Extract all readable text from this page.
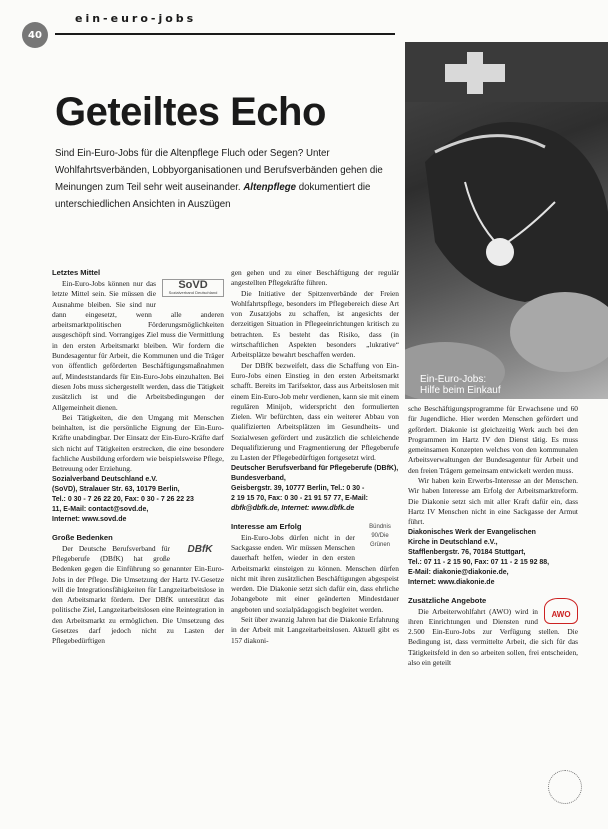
40
ein-euro-jobs
Ein-Euro-Jobs:
Hilfe beim Einkauf
Geteiltes Echo
Sind Ein-Euro-Jobs für die Altenpflege Fluch oder Segen? Unter Wohlfahrtsverbänden, Lobbyorganisationen und Berufsverbänden gehen die Meinungen zum Teil sehr weit auseinander. Altenpflege dokumentiert die unterschiedlichen Ansichten in Auszügen
Letztes Mittel
SoVD
Sozialverband Deutschland

Ein-Euro-Jobs können nur das letzte Mittel sein. Sie müssen die Ausnahme bleiben. Sie sind nur dann eingesetzt, wenn alle anderen arbeitsmarktpolitischen Förderungsmöglichkeiten ausgeschöpft sind. Vorrangiges Ziel muss die Vermittlung in den ersten Arbeitsmarkt bleiben. Wir fordern die Bundesagentur für Arbeit, die Kommunen und die Träger von öffentlich geförderten Beschäftigungsmaßnahmen auf, Mindeststandards für Ein-Euro-Jobs einzuhalten. Bei diesen Jobs muss sichergestellt werden, dass die Tätigkeit zusätzlich ist und die Arbeitsbedingungen der Allgemeinheit dienen.

Bei Tätigkeiten, die den Umgang mit Menschen beinhalten, ist die persönliche Eignung der Ein-Euro-Kräfte unabdingbar. Der Einsatz der Ein-Euro-Kräfte darf sich nicht auf Tätigkeiten erstrecken, die eine besondere fachliche Ausbildung erfordern wie beispielsweise Pflege, Betreuung oder Erziehung.

Sozialverband Deutschland e.V.
(SoVD), Stralauer Str. 63, 10179 Berlin,
Tel.: 0 30 - 7 26 22 20, Fax: 0 30 - 7 26 22 23
11, E-Mail: contact@sovd.de,
Internet: www.sovd.de
Große Bedenken
DBfK

Der Deutsche Berufsverband für Pflegeberufe (DBfK) hat große Bedenken gegen die Einführung so genannter Ein-Euro-Jobs in der Pflege. Die Umsetzung der Hartz IV-Gesetze will die Integrationsfähigkeiten für Langzeitarbeitslose in den Arbeitsmarkt fördern. Der DBfK unterstützt das politische Ziel, Langzeitarbeitslosen eine Reintegration in den Arbeitsmarkt zu ermöglichen. Die Umsetzung des Gesetzes darf jedoch nicht zu Lasten der Pflegebedürftigen

gen gehen und zu einer Beschäftigung der regulär angestellten Pflegekräfte führen.

Die Initiative der Spitzenverbände der Freien Wohlfahrtspflege, besonders im Pflegebereich diese Art von Zusatzjobs zu schaffen, ist angesichts der derzeitigen Situation in Pflegeeinrichtungen kritisch zu betrachten. Es besteht das Risiko, dass (in wirtschaftlichen Aspekten besonders „lukrative“ Arbeitsplätze bewahrt beschaffen werden.

Der DBfK bezweifelt, dass die Schaffung von Ein-Euro-Jobs einen Einstieg in den ersten Arbeitsmarkt schafft. Bereits im Tarifsektor, dass aus Arbeitslosen mit einem Ein-Euro-Job mehr verdienen, kann sie mit einem regulären Minijob, widerspricht den formulierten Zielen. Wir befürchten, dass ein weiterer Abbau von qualifizierten Arbeitsplätzen im Gesundheits- und Sozialwesen gefördert und zusätzlich die schleichende Dequalifizierung und Fragmentierung der Pflegeberufe zu Lasten der Pflegebedürftigen fortgesetzt wird.

Deutscher Berufsverband für Pflegeberufe (DBfK), Bundesverband,
Geisbergstr. 39, 10777 Berlin, Tel.: 0 30 -
2 19 15 70, Fax: 0 30 - 21 91 57 77, E-Mail:
dbfk@dbfk.de, Internet: www.dbfk.de
Bündnis 90/Die Grünen
Interesse am Erfolg

Ein-Euro-Jobs dürfen nicht in der Sackgasse enden. Wir müssen Menschen dauerhaft helfen, wieder in den ersten Arbeitsmarkt einsteigen zu können. Menschen dürfen nicht mit ihren zusätzlichen Beschäftigungen abgespeist werden. Die Diakonie setzt sich dafür ein, dass ehrliche Jobangebote mit einer geänderten Mindestdauer angeboten und sozialpädagogisch begleitet werden.

Seit über zwanzig Jahren hat die Diakonie Erfahrung in der Arbeit mit Langzeitarbeitslosen. Aktuell gibt es 157 diakoni-

sche Beschäftigungsprogramme für Erwachsene und 60 für Jugendliche. Hier werden Menschen gefördert und gefördert. Diakonie ist gleichzeitig Werk auch bei den Programmen im Hartz IV den Dienst tätig. Es muss gemeinsamen Konzepten welches von den kommunalen Arbeitsverwaltungen der Bundesagentur für Arbeit und den freien Trägern gemeinsam entwickelt werden muss.

Wir haben kein Erwerbs-Interesse an der Menschen. Wir haben Interesse am Erfolg der Arbeitsmarktreform. Die Diakonie setzt sich mit aller Kraft dafür ein, dass Hartz IV Menschen nicht in eine Sackgasse der Armut führt.

Diakonisches Werk der Evangelischen
Kirche in Deutschland e.V.,
Stafflenbergstr. 76, 70184 Stuttgart,
Tel.: 07 11 - 2 15 90, Fax: 07 11 - 2 15 92 88,
E-Mail: diakonie@diakonie.de,
Internet: www.diakonie.de
AWO
Zusätzliche Angebote

Die Arbeiterwohlfahrt (AWO) wird in ihren Einrichtungen und Diensten rund 2.500 Ein-Euro-Jobs zur Verfügung stellen. Die Bedingung ist, dass vermittelte Arbeit, die sich für das Tätigkeitsfeld in den so arbeiten sollen, frei entscheiden, also ein geteilt
